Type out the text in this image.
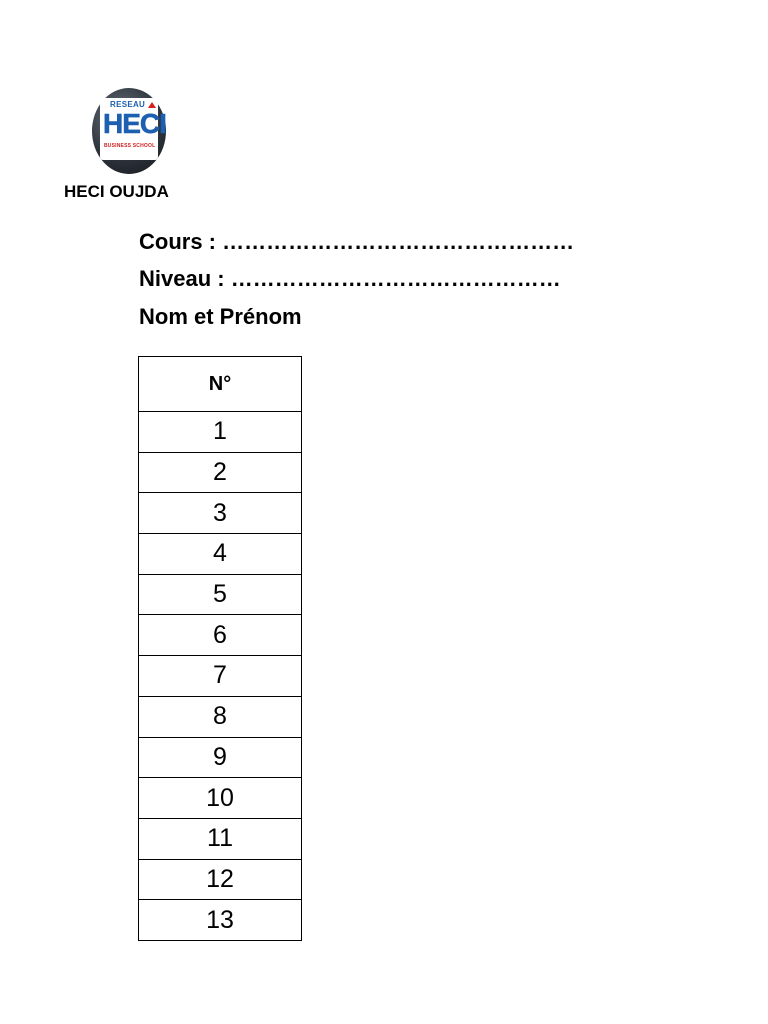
RESEAU
HECI
BUSINESS SCHOOL
HECI OUJDA
Cours : …………………………………………
Niveau : ………………………………………
Nom et Prénom
N°
1
2
3
4
5
6
7
8
9
10
11
12
13
